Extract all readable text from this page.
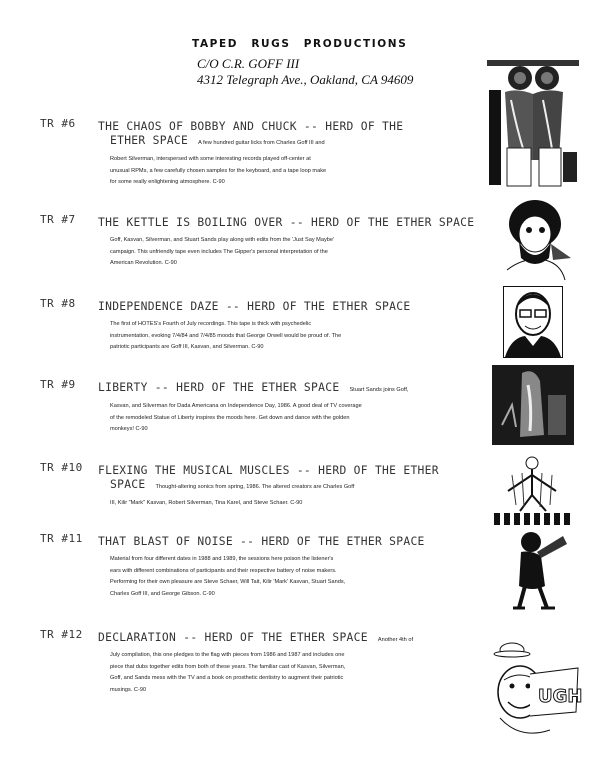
TAPED RUGS PRODUCTIONS
C/O C.R. GOFF III
4312 Telegraph Ave., Oakland, CA 94609
TR #6 THE CHAOS OF BOBBY AND CHUCK -- HERD OF THE
ETHER SPACE A few hundred guitar licks from Charles Goff III and
Robert Silverman, interspersed with some interesting records played off-center at
unusual RPMs, a few carefully chosen samples for the keyboard, and a tape loop make
for some really enlightening atmosphere. C-90
TR #7 THE KETTLE IS BOILING OVER -- HERD OF THE ETHER SPACE
Goff, Kasvan, Silverman, and Stuart Sands play along with edits from the 'Just Say Maybe'
campaign. This unfriendly tape even includes The Gipper's personal interpretation of the
American Revolution. C-90
TR #8 INDEPENDENCE DAZE -- HERD OF THE ETHER SPACE
The first of HOTES's Fourth of July recordings. This tape is thick with psychedelic
instrumentation, evoking 7/4/84 and 7/4/85 moods that George Orwell would be proud of. The
patriotic participants are Goff III, Kasvan, and Silverman. C-90
TR #9 LIBERTY -- HERD OF THE ETHER SPACE Stuart Sands joins Goff,
Kasvan, and Silverman for Dada Americana on Independence Day, 1986. A good deal of TV coverage
of the remodeled Statue of Liberty inspires the moods here. Get down and dance with the golden
monkeys! C-90
TR #10 FLEXING THE MUSICAL MUSCLES -- HERD OF THE ETHER
SPACE Thought-altering sonics from spring, 1986. The altered creators are Charles Goff
III, Kilir "Mark" Kasvan, Robert Silverman, Tina Karel, and Steve Schaer. C-90
TR #11 THAT BLAST OF NOISE -- HERD OF THE ETHER SPACE
Material from four different dates in 1988 and 1989, the sessions here poison the listener's
ears with different combinations of participants and their respective battery of noise makers.
Performing for their own pleasure are Steve Schaer, Will Tait, Kilir 'Mark' Kasvan, Stuart Sands,
Charles Goff III, and George Gibson. C-90
TR #12 DECLARATION -- HERD OF THE ETHER SPACE Another 4th of
July compilation, this one pledges to the flag with pieces from 1986 and 1987 and includes one
piece that dubs together edits from both of these years. The familiar cast of Kasvan, Silverman,
Goff, and Sands mess with the TV and a book on prosthetic dentistry to augment their patriotic
musings. C-90	UGH
